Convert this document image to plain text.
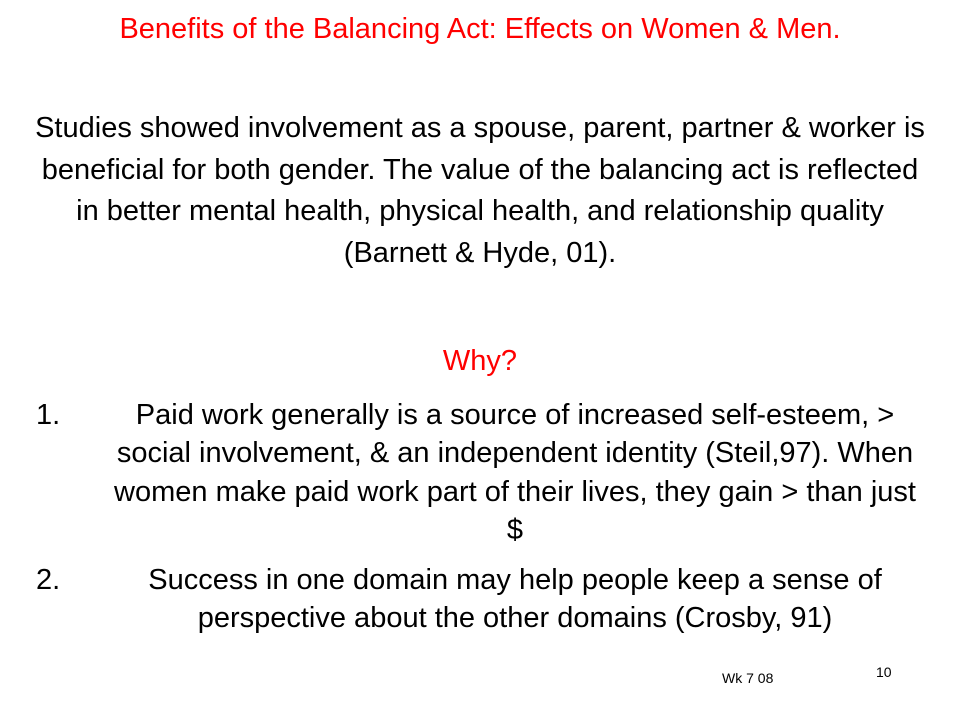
Benefits of the Balancing Act: Effects on Women & Men.

Studies showed involvement as a spouse, parent, partner & worker is beneficial for both gender. The value of the balancing act is reflected in better mental health, physical health, and relationship quality (Barnett & Hyde, 01).

Why?

1.	Paid work generally is a source of increased self-esteem, > social involvement, & an independent identity (Steil,97). When women make paid work part of their lives, they gain > than just $
2.	Success in one domain may help people keep a sense of perspective about the other domains (Crosby, 91)
Wk 7 08	10
